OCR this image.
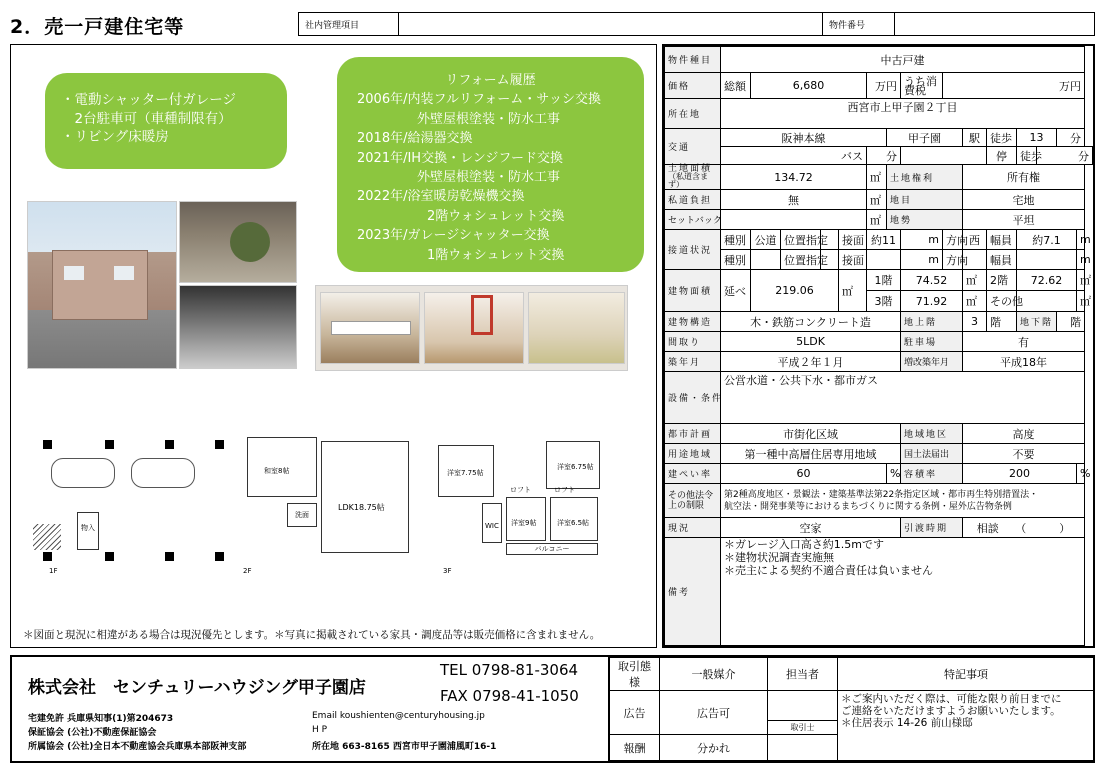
2．売一戸建住宅等	社内管理項目	物件番号
・電動シャッター付ガレージ
　2台駐車可（車種制限有）
・リビング床暖房
リフォーム履歴
2006年/内装フルリフォーム・サッシ交換
外壁屋根塗装・防水工事
2018年/給湯器交換
2021年/IH交換・レンジフード交換
外壁屋根塗装・防水工事
2022年/浴室暖房乾燥機交換
2階ウォシュレット交換
2023年/ガレージシャッター交換
1階ウォシュレット交換
物入
和室8帖
LDK18.75帖
洗面
洋室7.75帖
洋室6.75帖
WIC	洋室9帖	洋室6.5帖
ロフト	ロフト
バルコニー
1F	2F	3F
＊図面と現況に相違がある場合は現況優先とします。＊写真に掲載されている家具・調度品等は販売価格に含まれません。
物件種目	中古戸建														
価格	総額	6,680				万円		うち消費税	万円						
所在地	西宮市上甲子園２丁目														
交通	阪神本線						甲子園			駅	徒歩	13		分	
	バス					分					停	徒歩	分		
土地面積
（私道含まず）	134.72					㎡	土地権利			所有権					
私道負担	無					㎡	地目			宅地					
セットバック						㎡	地勢			平坦					
接道状況	種別	公道	位置指定		接面	約11		m	方向	西	幅員	約7.1			m
	種別		位置指定		接面			m	方向		幅員				m
建物面積	延べ	219.06			㎡	1階		74.52		㎡	2階	72.62			㎡
						3階		71.92		㎡	その他				㎡
建物構造	木・鉄筋コンクリート造							地上階		3	階	地下階		階	
間取り	5LDK							駐車場		有					
築年月	平成２年１月							増改築年月		平成18年					
設備・条件	公営水道・公共下水・都市ガス														
都市計画	市街化区域							地域地区		高度					
用途地域	第一種中高層住居専用地域							国土法届出		不要					
建ぺい率	60						%	容積率		200					%
その他法令上の制限	第2種高度地区・景観法・建築基準法第22条指定区域・都市再生特別措置法・
航空法・開発事業等におけるまちづくりに関する条例・屋外広告物条例														

現況	空家							引渡時期		相談　　（　　　）					
備考	＊ガレージ入口高さ約1.5mです
＊建物状況調査実施無
＊売主による契約不適合責任は負いません														
株式会社　センチュリーハウジング甲子園店
TEL 0798-81-3064
FAX 0798-41-1050
宅建免許 兵庫県知事(1)第204673
保証協会 (公社)不動産保証協会
所属協会 (公社)全日本不動産協会兵庫県本部阪神支部
Email koushienten@centuryhousing.jp
H P
所在地 663-8165 西宮市甲子園浦風町16-1
取引態様	一般媒介	担当者	特記事項
広告	広告可	取引士	＊ご案内いただく際は、可能な限り前日までに
ご連絡をいただけますようお願いいたします。
＊住居表示 14-26 前山様邸

報酬	分かれ		
